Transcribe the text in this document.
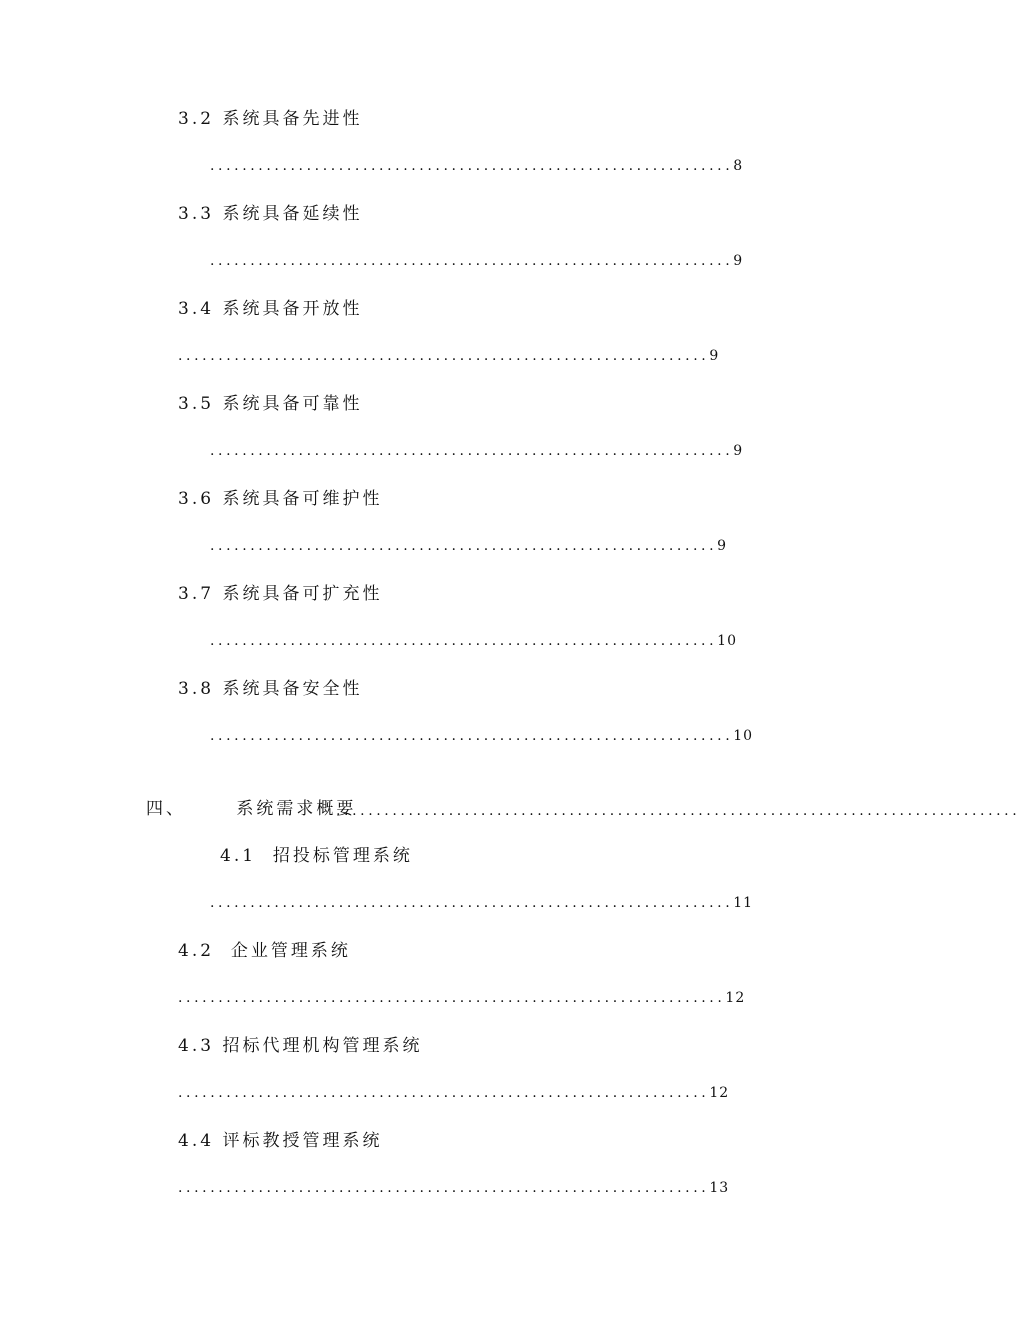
3.2 系统具备先进性
.................................................................8
3.3 系统具备延续性
.................................................................9
3.4 系统具备开放性
..................................................................9
3.5 系统具备可靠性
.................................................................9
3.6 系统具备可维护性
...............................................................9
3.7 系统具备可扩充性
...............................................................10
3.8 系统具备安全性
.................................................................10
四、      系统需求概要
.....................................................................................
4.1  招投标管理系统
.................................................................11
4.2  企业管理系统
....................................................................12
4.3 招标代理机构管理系统
..................................................................12
4.4 评标教授管理系统
..................................................................13
